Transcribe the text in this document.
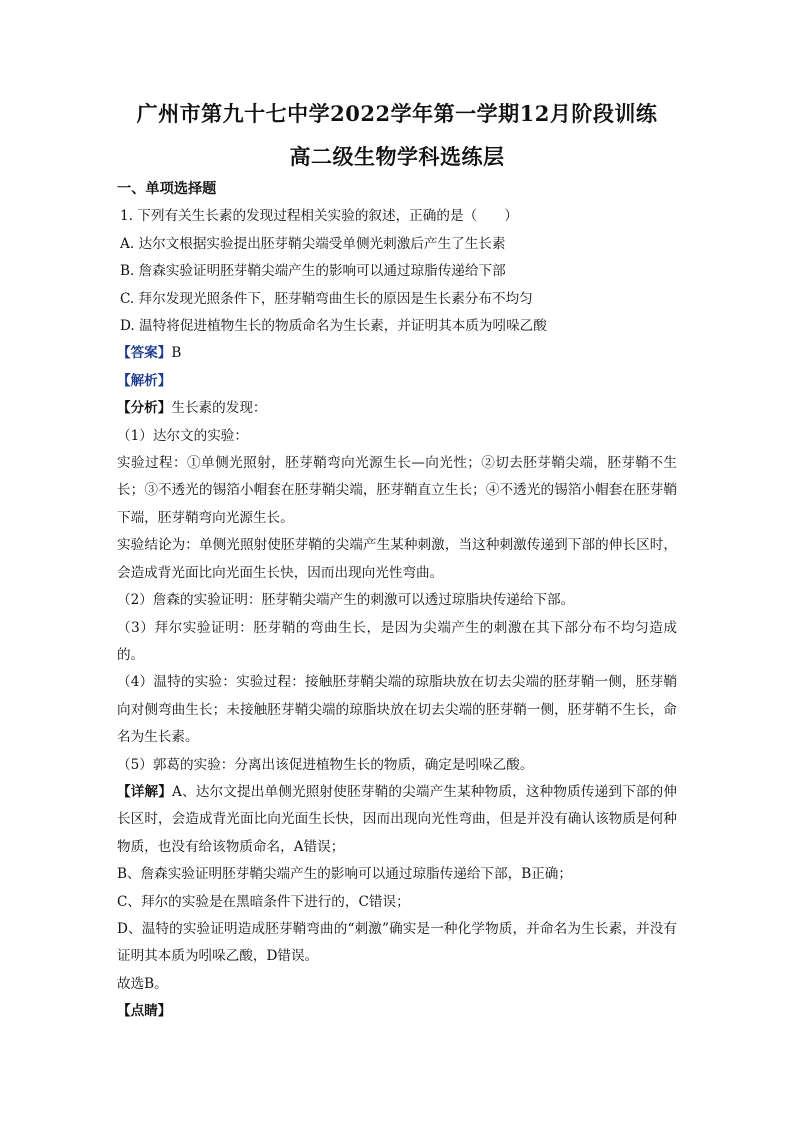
广州市第九十七中学2022学年第一学期12月阶段训练
高二级生物学科选练层

一、单项选择题

1. 下列有关生长素的发现过程相关实验的叙述，正确的是（　　）

A. 达尔文根据实验提出胚芽鞘尖端受单侧光刺激后产生了生长素

B. 詹森实验证明胚芽鞘尖端产生的影响可以通过琼脂传递给下部

C. 拜尔发现光照条件下，胚芽鞘弯曲生长的原因是生长素分布不均匀

D. 温特将促进植物生长的物质命名为生长素，并证明其本质为吲哚乙酸

【答案】B

【解析】

【分析】生长素的发现：

（1）达尔文的实验：

实验过程：①单侧光照射，胚芽鞘弯向光源生长—向光性；②切去胚芽鞘尖端，胚芽鞘不生长；③不透光的锡箔小帽套在胚芽鞘尖端，胚芽鞘直立生长；④不透光的锡箔小帽套在胚芽鞘下端，胚芽鞘弯向光源生长。

实验结论为：单侧光照射使胚芽鞘的尖端产生某种刺激，当这种刺激传递到下部的伸长区时，会造成背光面比向光面生长快，因而出现向光性弯曲。

（2）詹森的实验证明：胚芽鞘尖端产生的刺激可以透过琼脂块传递给下部。

（3）拜尔实验证明：胚芽鞘的弯曲生长，是因为尖端产生的刺激在其下部分布不均匀造成的。

（4）温特的实验：实验过程：接触胚芽鞘尖端的琼脂块放在切去尖端的胚芽鞘一侧，胚芽鞘向对侧弯曲生长；未接触胚芽鞘尖端的琼脂块放在切去尖端的胚芽鞘一侧，胚芽鞘不生长，命名为生长素。

（5）郭葛的实验：分离出该促进植物生长的物质，确定是吲哚乙酸。

【详解】A、达尔文提出单侧光照射使胚芽鞘的尖端产生某种物质，这种物质传递到下部的伸长区时，会造成背光面比向光面生长快，因而出现向光性弯曲，但是并没有确认该物质是何种物质，也没有给该物质命名，A错误；

B、詹森实验证明胚芽鞘尖端产生的影响可以通过琼脂传递给下部，B正确；

C、拜尔的实验是在黑暗条件下进行的，C错误；

D、温特的实验证明造成胚芽鞘弯曲的“刺激”确实是一种化学物质，并命名为生长素，并没有证明其本质为吲哚乙酸，D错误。

故选B。

【点睛】
